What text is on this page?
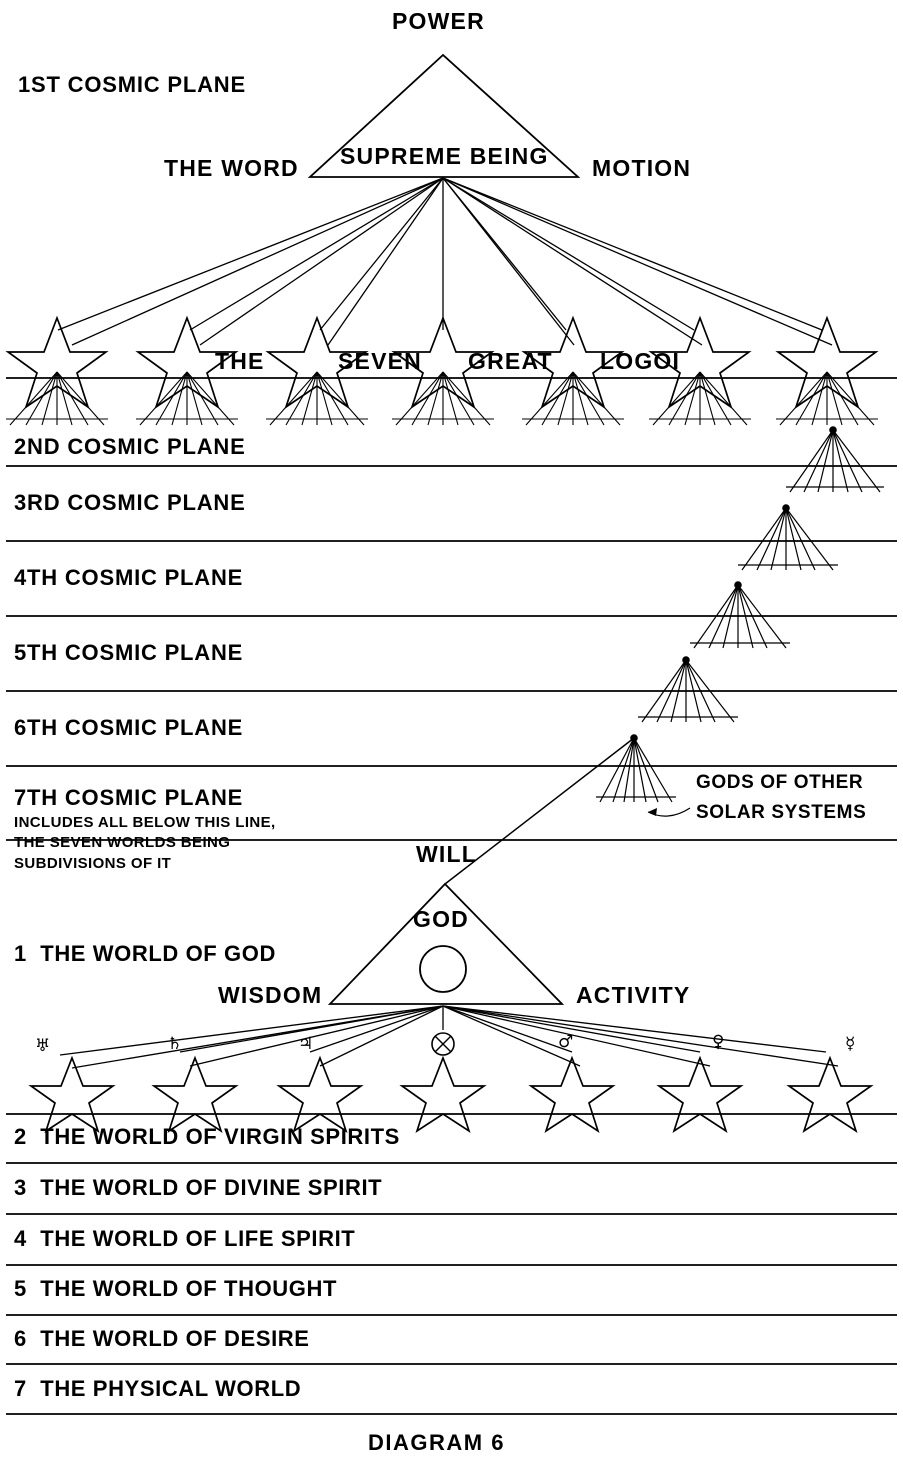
POWER
THE WORD	MOTION
SUPREME BEING
1ST COSMIC PLANE
THE	SEVEN GREAT LOGOI
2ND COSMIC PLANE
3RD COSMIC PLANE
4TH COSMIC PLANE
5TH COSMIC PLANE
6TH COSMIC PLANE
7TH COSMIC PLANE
INCLUDES ALL BELOW THIS LINE,
THE SEVEN WORLDS BEING
SUBDIVISIONS OF IT
GODS OF OTHER
SOLAR SYSTEMS
WILL
GOD
WISDOM	ACTIVITY
1 THE WORLD OF GOD
♅	♄	♃	♂	♀	☿
2 THE WORLD OF VIRGIN SPIRITS
3 THE WORLD OF DIVINE SPIRIT
4 THE WORLD OF LIFE SPIRIT
5 THE WORLD OF THOUGHT
6 THE WORLD OF DESIRE
7 THE PHYSICAL WORLD
DIAGRAM 6
